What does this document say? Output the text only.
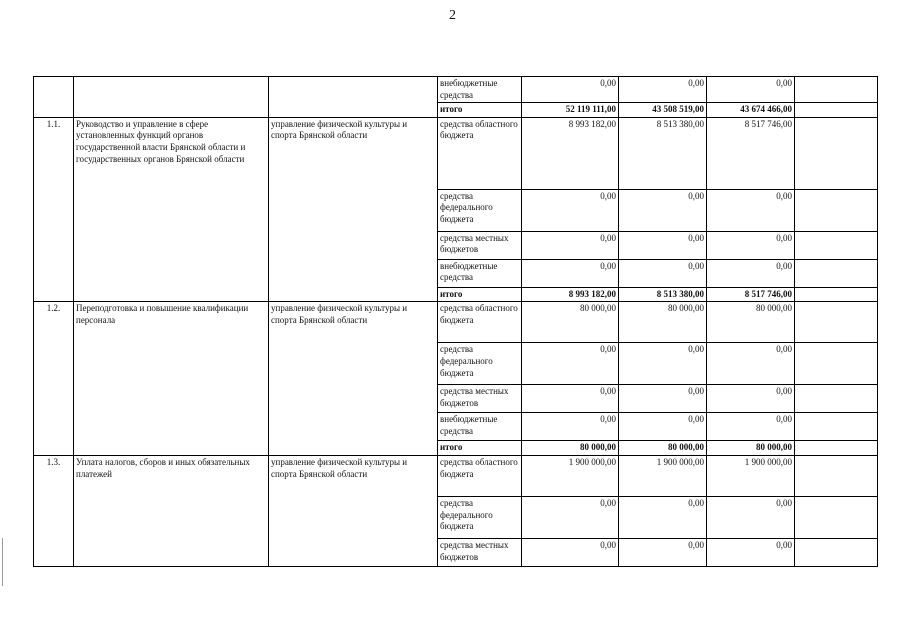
2
			внебюджетные средства	0,00	0,00	0,00	
			итого	52 119 111,00	43 508 519,00	43 674 466,00	
1.1.	Руководство и управление в сфере установленных функций органов государственной власти Брянской области и государственных органов Брянской области	управление физической культуры и спорта Брянской области	средства областного бюджета	8 993 182,00	8 513 380,00	8 517 746,00	
			средства федерального бюджета	0,00	0,00	0,00	
			средства местных бюджетов	0,00	0,00	0,00	
			внебюджетные средства	0,00	0,00	0,00	
			итого	8 993 182,00	8 513 380,00	8 517 746,00	
1.2.	Переподготовка и повышение квалификации персонала	управление физической культуры и спорта Брянской области	средства областного бюджета	80 000,00	80 000,00	80 000,00	
			средства федерального бюджета	0,00	0,00	0,00	
			средства местных бюджетов	0,00	0,00	0,00	
			внебюджетные средства	0,00	0,00	0,00	
			итого	80 000,00	80 000,00	80 000,00	
1.3.	Уплата налогов, сборов и иных обязательных платежей	управление физической культуры и спорта Брянской области	средства областного бюджета	1 900 000,00	1 900 000,00	1 900 000,00	
			средства федерального бюджета	0,00	0,00	0,00	
			средства местных бюджетов	0,00	0,00	0,00	
